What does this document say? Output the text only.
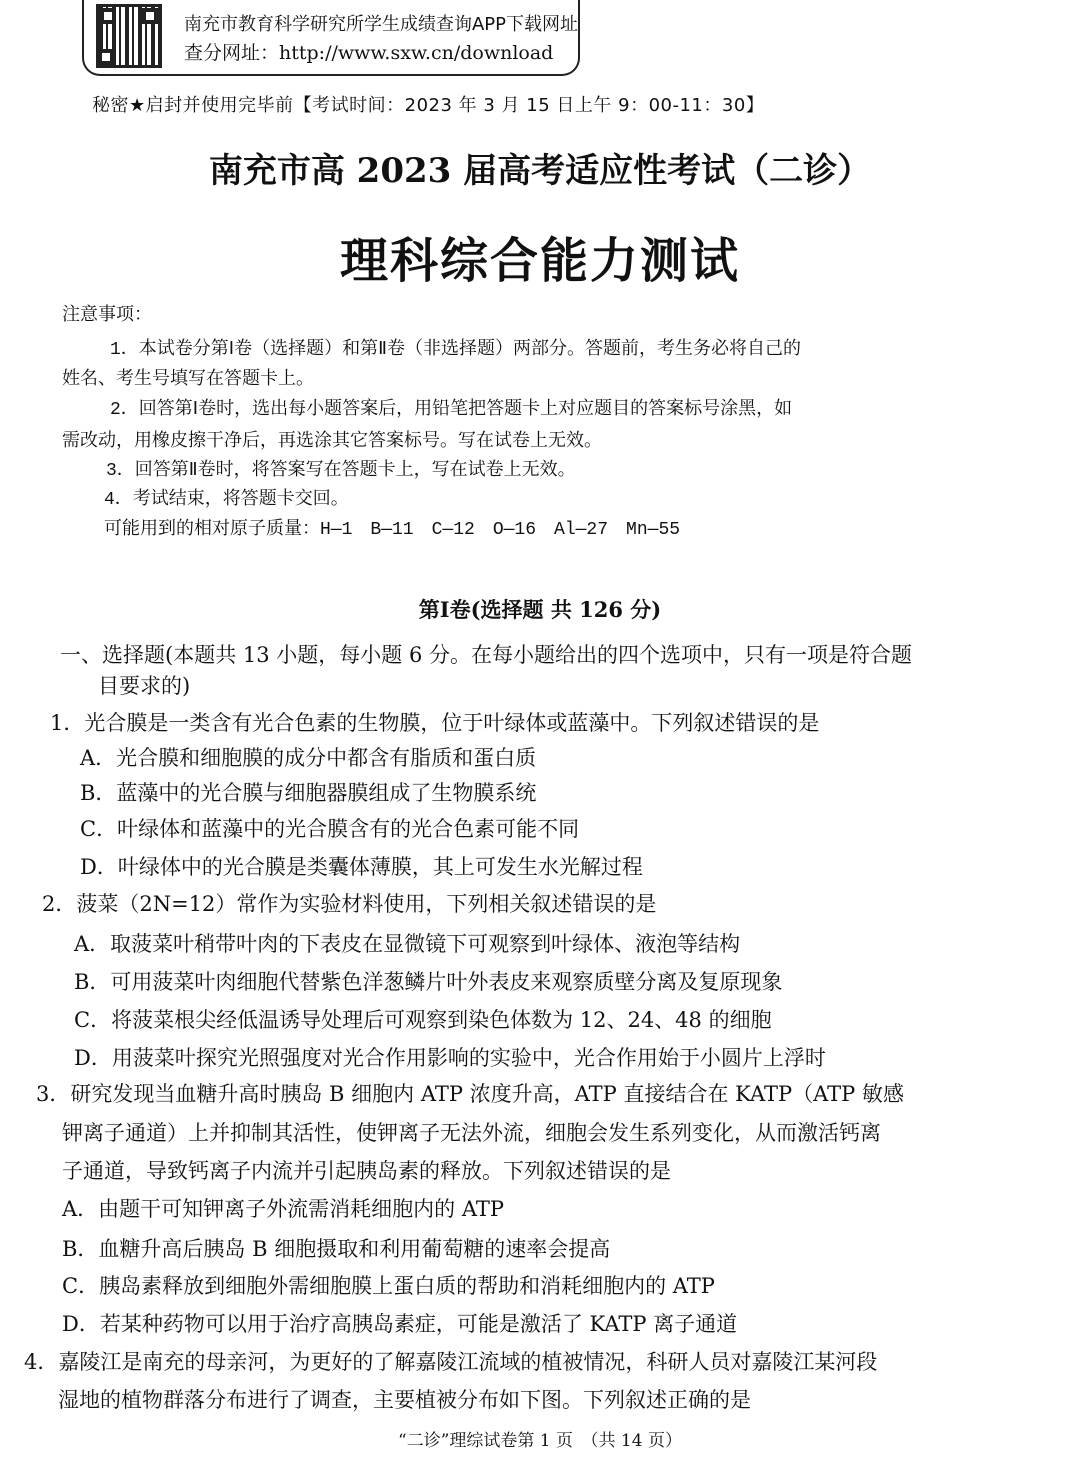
南充市教育科学研究所学生成绩查询APP下载网址
查分网址：http://www.sxw.cn/download
秘密★启封并使用完毕前【考试时间：2023 年 3 月 15 日上午 9：00-11：30】
南充市高 2023 届高考适应性考试（二诊）
理科综合能力测试
注意事项：
1．本试卷分第Ⅰ卷（选择题）和第Ⅱ卷（非选择题）两部分。答题前，考生务必将自己的
姓名、考生号填写在答题卡上。
2．回答第Ⅰ卷时，选出每小题答案后，用铅笔把答题卡上对应题目的答案标号涂黑，如
需改动，用橡皮擦干净后，再选涂其它答案标号。写在试卷上无效。
3．回答第Ⅱ卷时，将答案写在答题卡上，写在试卷上无效。
4．考试结束，将答题卡交回。
可能用到的相对原子质量：H—1　B—11　C—12　O—16　Al—27　Mn—55
第Ⅰ卷(选择题 共 126 分)
一、选择题(本题共 13 小题，每小题 6 分。在每小题给出的四个选项中，只有一项是符合题
目要求的)
1．光合膜是一类含有光合色素的生物膜，位于叶绿体或蓝藻中。下列叙述错误的是
A．光合膜和细胞膜的成分中都含有脂质和蛋白质
B．蓝藻中的光合膜与细胞器膜组成了生物膜系统
C．叶绿体和蓝藻中的光合膜含有的光合色素可能不同
D．叶绿体中的光合膜是类囊体薄膜，其上可发生水光解过程
2．菠菜（2N=12）常作为实验材料使用，下列相关叙述错误的是
A．取菠菜叶稍带叶肉的下表皮在显微镜下可观察到叶绿体、液泡等结构
B．可用菠菜叶肉细胞代替紫色洋葱鳞片叶外表皮来观察质壁分离及复原现象
C．将菠菜根尖经低温诱导处理后可观察到染色体数为 12、24、48 的细胞
D．用菠菜叶探究光照强度对光合作用影响的实验中，光合作用始于小圆片上浮时
3．研究发现当血糖升高时胰岛 B 细胞内 ATP 浓度升高，ATP 直接结合在 KATP（ATP 敏感
钾离子通道）上并抑制其活性，使钾离子无法外流，细胞会发生系列变化，从而激活钙离
子通道，导致钙离子内流并引起胰岛素的释放。下列叙述错误的是
A．由题干可知钾离子外流需消耗细胞内的 ATP
B．血糖升高后胰岛 B 细胞摄取和利用葡萄糖的速率会提高
C．胰岛素释放到细胞外需细胞膜上蛋白质的帮助和消耗细胞内的 ATP
D．若某种药物可以用于治疗高胰岛素症，可能是激活了 KATP 离子通道
4．嘉陵江是南充的母亲河，为更好的了解嘉陵江流域的植被情况，科研人员对嘉陵江某河段
湿地的植物群落分布进行了调查，主要植被分布如下图。下列叙述正确的是
“二诊”理综试卷第 1 页　（共 14 页）
